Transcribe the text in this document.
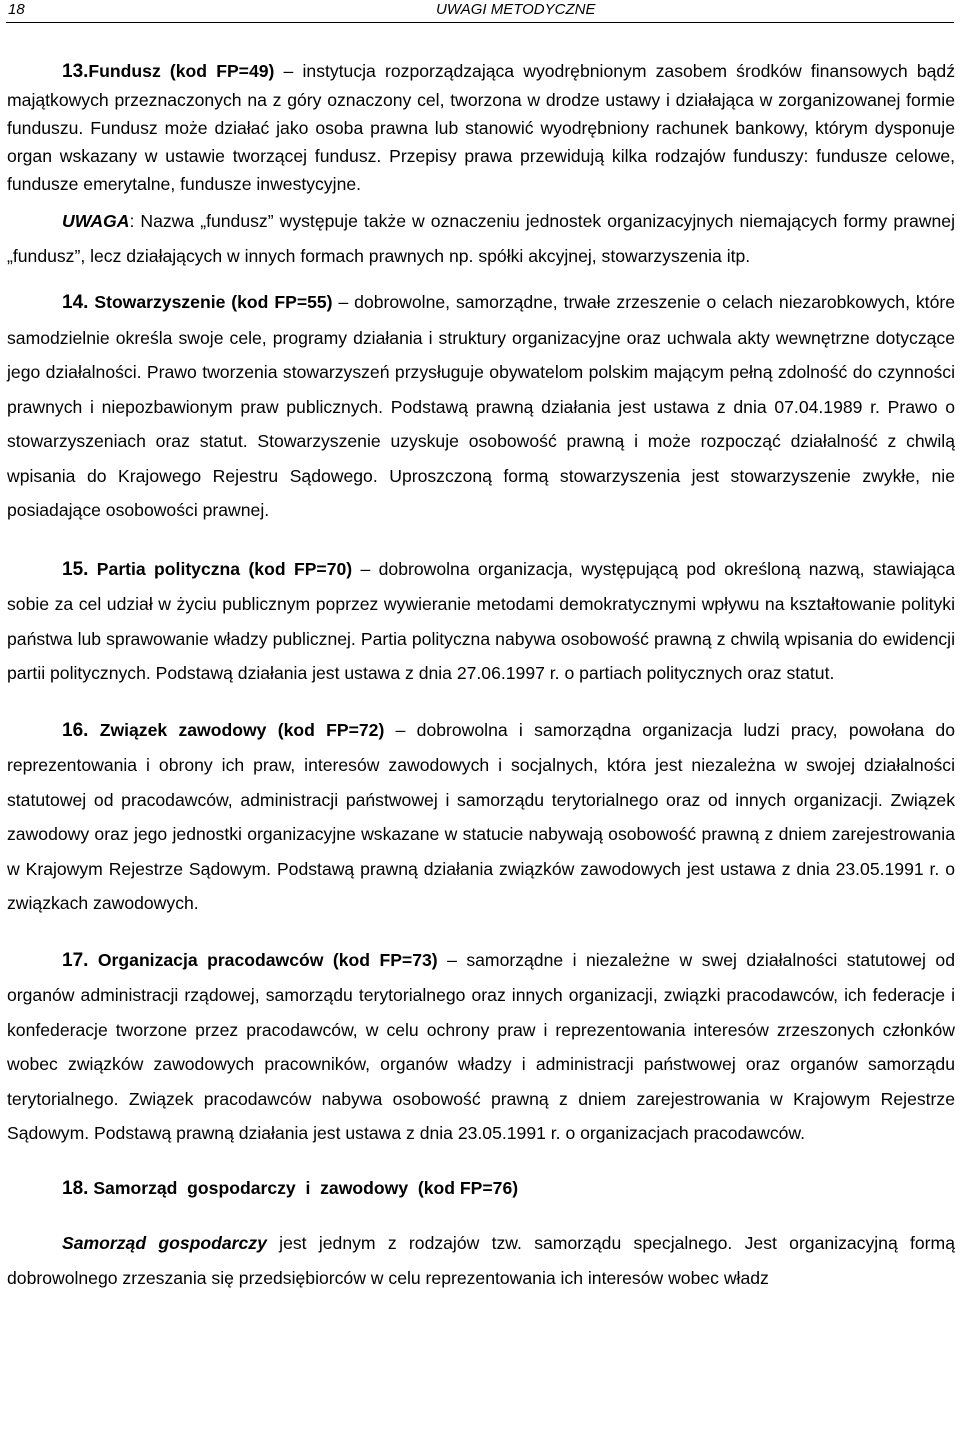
18	UWAGI METODYCZNE

13.Fundusz (kod FP=49) – instytucja rozporządzająca wyodrębnionym zasobem środków finansowych bądź majątkowych przeznaczonych na z góry oznaczony cel, tworzona w drodze ustawy i działająca w zorganizowanej formie funduszu. Fundusz może działać jako osoba prawna lub stanowić wyodrębniony rachunek bankowy, którym dysponuje organ wskazany w ustawie tworzącej fundusz. Przepisy prawa przewidują kilka rodzajów funduszy: fundusze celowe, fundusze emerytalne, fundusze inwestycyjne.

UWAGA: Nazwa „fundusz” występuje także w oznaczeniu jednostek organizacyjnych niemających formy prawnej „fundusz”, lecz działających w innych formach prawnych np. spółki akcyjnej, stowarzyszenia itp.

14. Stowarzyszenie (kod FP=55) – dobrowolne, samorządne, trwałe zrzeszenie o celach niezarobkowych, które samodzielnie określa swoje cele, programy działania i struktury organizacyjne oraz uchwala akty wewnętrzne dotyczące jego działalności. Prawo tworzenia stowarzyszeń przysługuje obywatelom polskim mającym pełną zdolność do czynności prawnych i niepozbawionym praw publicznych. Podstawą prawną działania jest ustawa z dnia 07.04.1989 r. Prawo o stowarzyszeniach oraz statut. Stowarzyszenie uzyskuje osobowość prawną i może rozpocząć działalność z chwilą wpisania do Krajowego Rejestru Sądowego. Uproszczoną formą stowarzyszenia jest stowarzyszenie zwykłe, nie posiadające osobowości prawnej.

15. Partia polityczna (kod FP=70) – dobrowolna organizacja, występującą pod określoną nazwą, stawiająca sobie za cel udział w życiu publicznym poprzez wywieranie metodami demokratycznymi wpływu na kształtowanie polityki państwa lub sprawowanie władzy publicznej. Partia polityczna nabywa osobowość prawną z chwilą wpisania do ewidencji partii politycznych. Podstawą działania jest ustawa z dnia 27.06.1997 r. o partiach politycznych oraz statut.

16. Związek zawodowy (kod FP=72) – dobrowolna i samorządna organizacja ludzi pracy, powołana do reprezentowania i obrony ich praw, interesów zawodowych i socjalnych, która jest niezależna w swojej działalności statutowej od pracodawców, administracji państwowej i samorządu terytorialnego oraz od innych organizacji. Związek zawodowy oraz jego jednostki organizacyjne wskazane w statucie nabywają osobowość prawną z dniem zarejestrowania w Krajowym Rejestrze Sądowym. Podstawą prawną działania związków zawodowych jest ustawa z dnia 23.05.1991 r. o związkach zawodowych.

17. Organizacja pracodawców (kod FP=73) – samorządne i niezależne w swej działalności statutowej od organów administracji rządowej, samorządu terytorialnego oraz innych organizacji, związki pracodawców, ich federacje i konfederacje tworzone przez pracodawców, w celu ochrony praw i reprezentowania interesów zrzeszonych członków wobec związków zawodowych pracowników, organów władzy i administracji państwowej oraz organów samorządu terytorialnego. Związek pracodawców nabywa osobowość prawną z dniem zarejestrowania w Krajowym Rejestrze Sądowym. Podstawą prawną działania jest ustawa z dnia 23.05.1991 r. o organizacjach pracodawców.

18. Samorząd  gospodarczy  i  zawodowy  (kod FP=76)

Samorząd gospodarczy jest jednym z rodzajów tzw. samorządu specjalnego. Jest organizacyjną formą dobrowolnego zrzeszania się przedsiębiorców w celu reprezentowania ich interesów wobec władz
